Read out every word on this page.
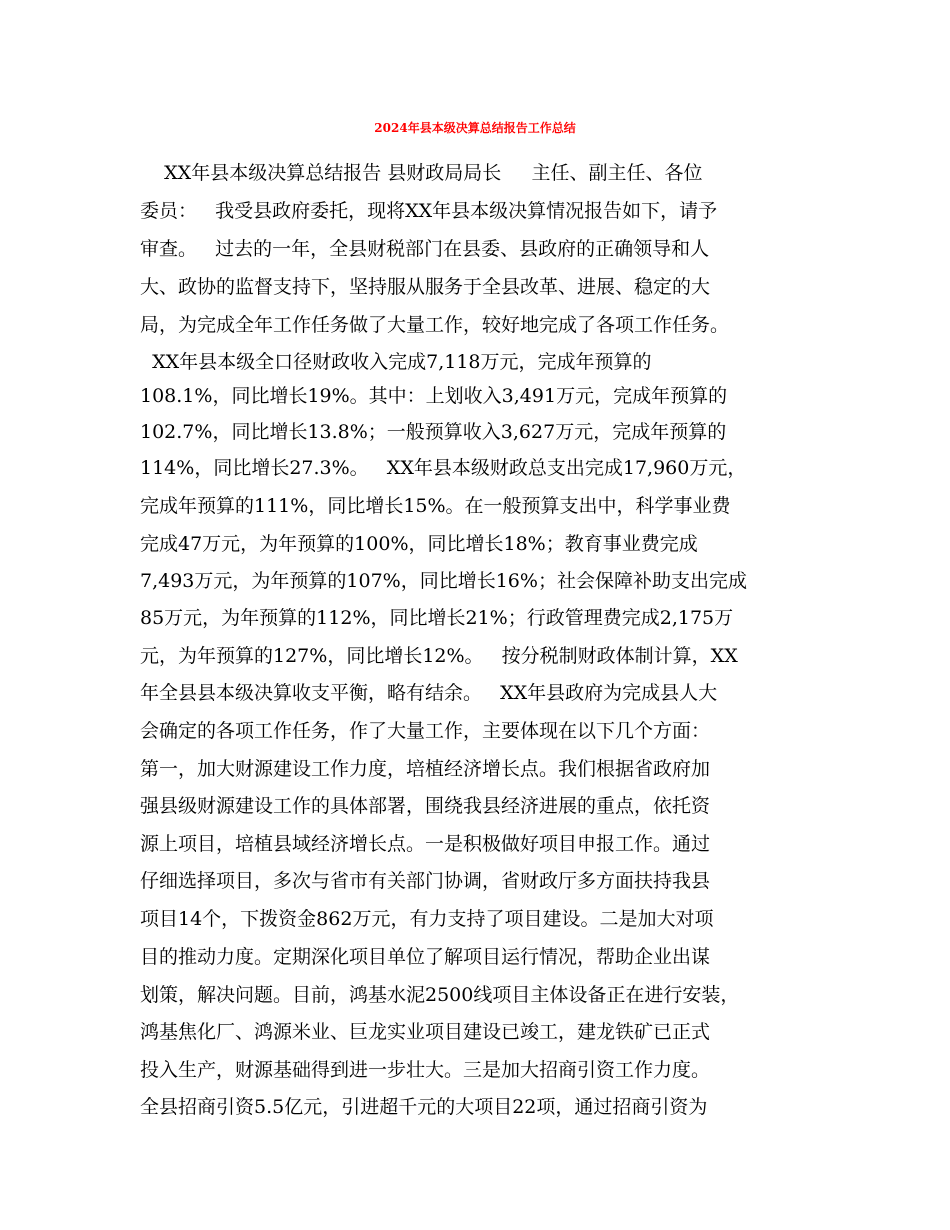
2024年县本级决算总结报告工作总结
XX年县本级决算总结报告 县财政局局长     主任、副主任、各位
委员：   我受县政府委托，现将XX年县本级决算情况报告如下，请予
审查。   过去的一年，全县财税部门在县委、县政府的正确领导和人
大、政协的监督支持下，坚持服从服务于全县改革、进展、稳定的大
局，为完成全年工作任务做了大量工作，较好地完成了各项工作任务。
XX年县本级全口径财政收入完成7,118万元，完成年预算的
108.1%，同比增长19%。其中：上划收入3,491万元，完成年预算的
102.7%，同比增长13.8%；一般预算收入3,627万元，完成年预算的
114%，同比增长27.3%。   XX年县本级财政总支出完成17,960万元，
完成年预算的111%，同比增长15%。在一般预算支出中，科学事业费
完成47万元，为年预算的100%，同比增长18%；教育事业费完成
7,493万元，为年预算的107%，同比增长16%；社会保障补助支出完成
85万元，为年预算的112%，同比增长21%；行政管理费完成2,175万
元，为年预算的127%，同比增长12%。   按分税制财政体制计算，XX
年全县县本级决算收支平衡，略有结余。   XX年县政府为完成县人大
会确定的各项工作任务，作了大量工作，主要体现在以下几个方面：
第一，加大财源建设工作力度，培植经济增长点。我们根据省政府加
强县级财源建设工作的具体部署，围绕我县经济进展的重点，依托资
源上项目，培植县域经济增长点。一是积极做好项目申报工作。通过
仔细选择项目，多次与省市有关部门协调，省财政厅多方面扶持我县
项目14个，下拨资金862万元，有力支持了项目建设。二是加大对项
目的推动力度。定期深化项目单位了解项目运行情况，帮助企业出谋
划策，解决问题。目前，鸿基水泥2500线项目主体设备正在进行安装，
鸿基焦化厂、鸿源米业、巨龙实业项目建设已竣工，建龙铁矿已正式
投入生产，财源基础得到进一步壮大。三是加大招商引资工作力度。
全县招商引资5.5亿元，引进超千元的大项目22项，通过招商引资为
